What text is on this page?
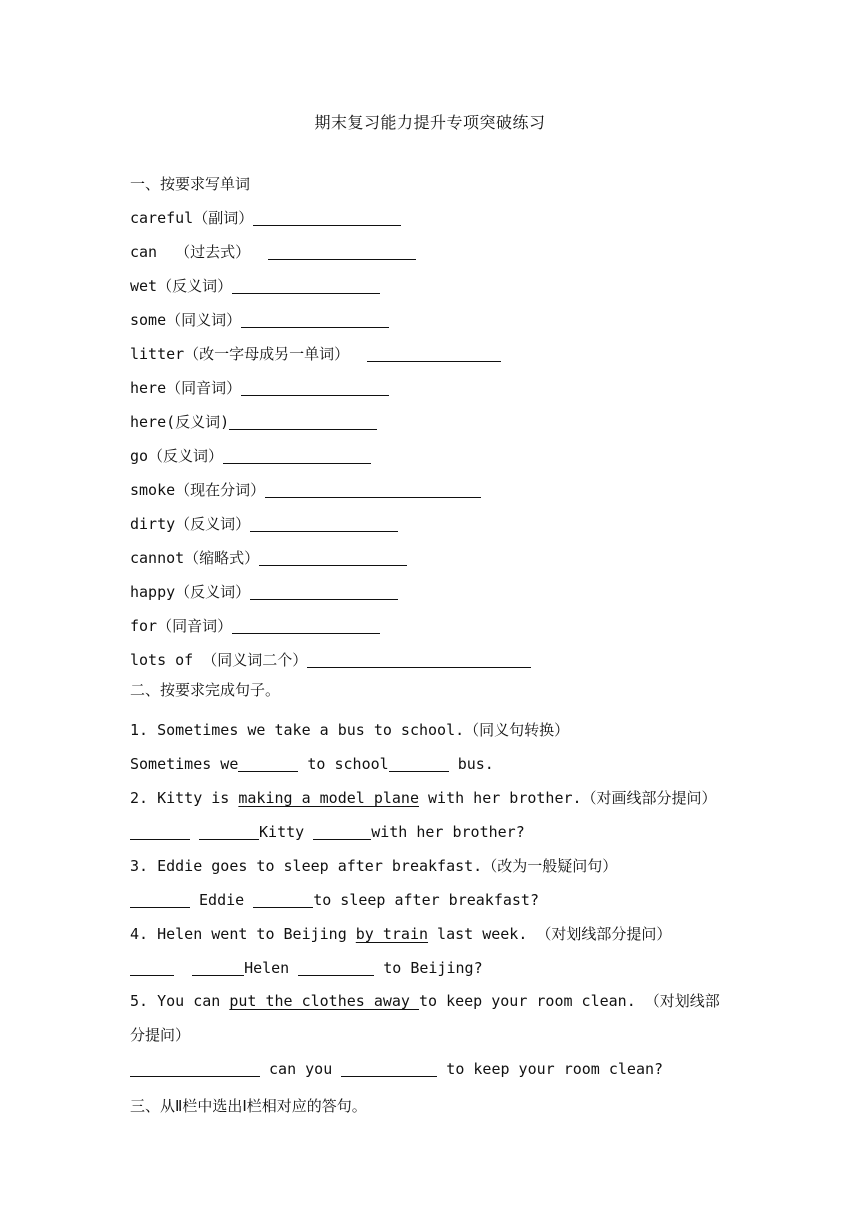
期末复习能力提升专项突破练习
一、按要求写单词
careful（副词）
can  （过去式）
wet（反义词）
some（同义词）
litter（改一字母成另一单词）
here（同音词）
here(反义词)
go（反义词）
smoke（现在分词）
dirty（反义词）
cannot（缩略式）
happy（反义词）
for（同音词）
lots of （同义词二个）
二、按要求完成句子。
1. Sometimes we take a bus to school.（同义句转换）
Sometimes we	to school	bus.
2. Kitty is making a model plane with her brother.（对画线部分提问）
Kitty	with her brother?
3. Eddie goes to sleep after breakfast.（改为一般疑问句）
Eddie	to sleep after breakfast?
4. Helen went to Beijing by train last week. （对划线部分提问）
Helen	to Beijing?
5. You can put the clothes away to keep your room clean. （对划线部分提问）
can you	to keep your room clean?
三、从Ⅱ栏中选出Ⅰ栏相对应的答句。
